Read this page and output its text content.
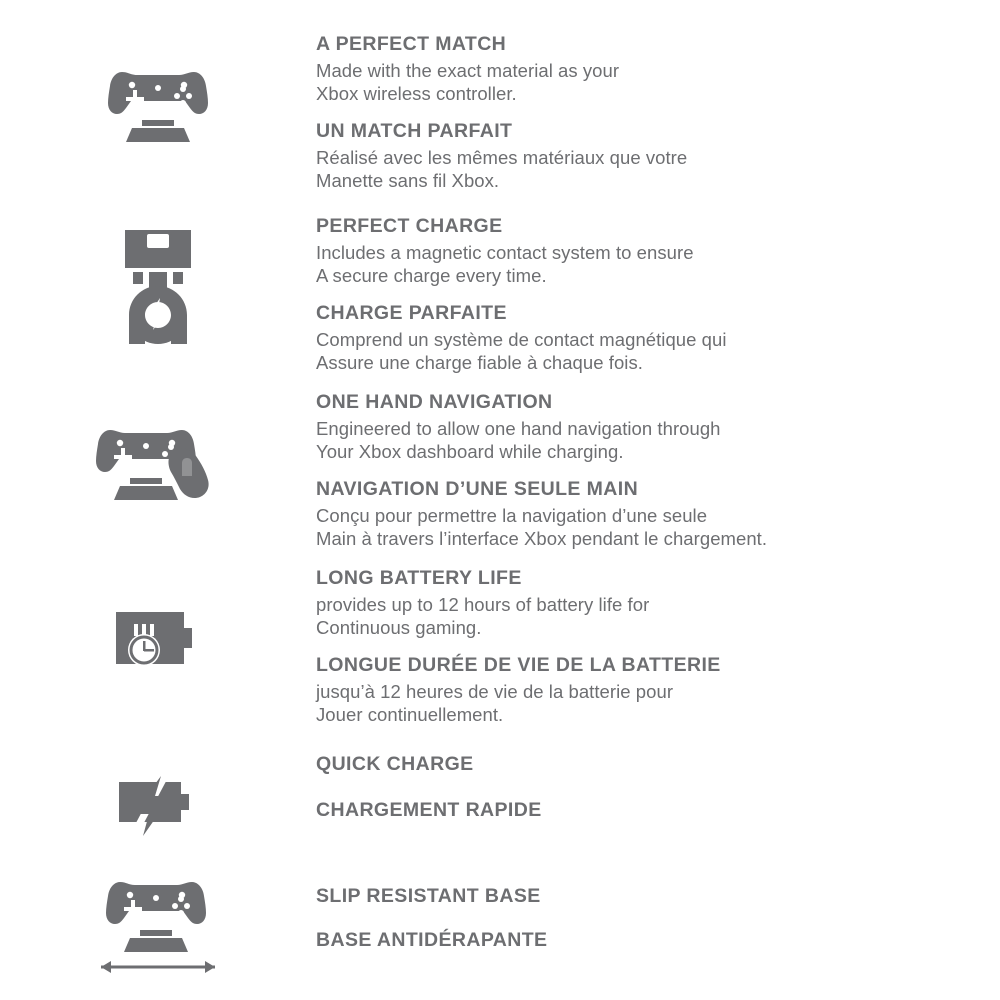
A PERFECT MATCH

Made with the exact material as your

Xbox wireless controller.

UN MATCH PARFAIT

Réalisé avec les mêmes matériaux que votre

Manette sans fil Xbox.

PERFECT CHARGE

Includes a magnetic contact system to ensure

A secure charge every time.

CHARGE PARFAITE

Comprend un système de contact magnétique qui

Assure une charge fiable à chaque fois.

ONE HAND NAVIGATION

Engineered to allow one hand navigation through

Your Xbox dashboard while charging.

NAVIGATION D’UNE SEULE MAIN

Conçu pour permettre la navigation d’une seule

Main à travers l’interface Xbox pendant le chargement.

LONG BATTERY LIFE

provides up to 12 hours of battery life for

Continuous gaming.

LONGUE DURÉE DE VIE DE LA BATTERIE

jusqu’à 12 heures de vie de la batterie pour

Jouer continuellement.

QUICK CHARGE

CHARGEMENT RAPIDE

SLIP RESISTANT BASE

BASE ANTIDÉRAPANTE
